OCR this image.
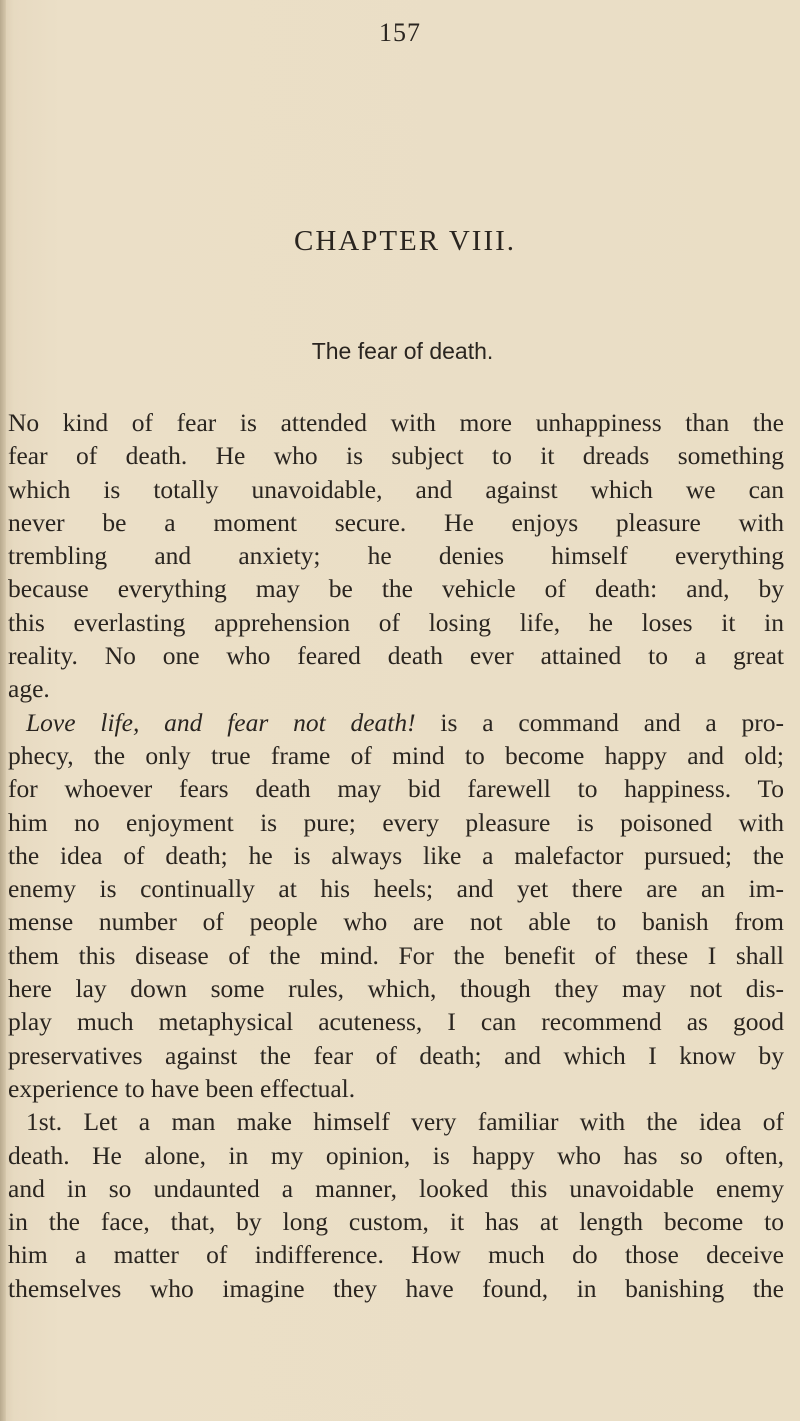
157
CHAPTER VIII.
The fear of death.
No kind of fear is attended with more unhappiness than the
fear of death. He who is subject to it dreads something
which is totally unavoidable, and against which we can
never be a moment secure. He enjoys pleasure with
trembling and anxiety; he denies himself everything
because everything may be the vehicle of death: and, by
this everlasting apprehension of losing life, he loses it in
reality. No one who feared death ever attained to a great
age.
Love life, and fear not death! is a command and a pro-
phecy, the only true frame of mind to become happy and old;
for whoever fears death may bid farewell to happiness. To
him no enjoyment is pure; every pleasure is poisoned with
the idea of death; he is always like a malefactor pursued; the
enemy is continually at his heels; and yet there are an im-
mense number of people who are not able to banish from
them this disease of the mind. For the benefit of these I shall
here lay down some rules, which, though they may not dis-
play much metaphysical acuteness, I can recommend as good
preservatives against the fear of death; and which I know by
experience to have been effectual.
1st. Let a man make himself very familiar with the idea of
death. He alone, in my opinion, is happy who has so often,
and in so undaunted a manner, looked this unavoidable enemy
in the face, that, by long custom, it has at length become to
him a matter of indifference. How much do those deceive
themselves who imagine they have found, in banishing the
